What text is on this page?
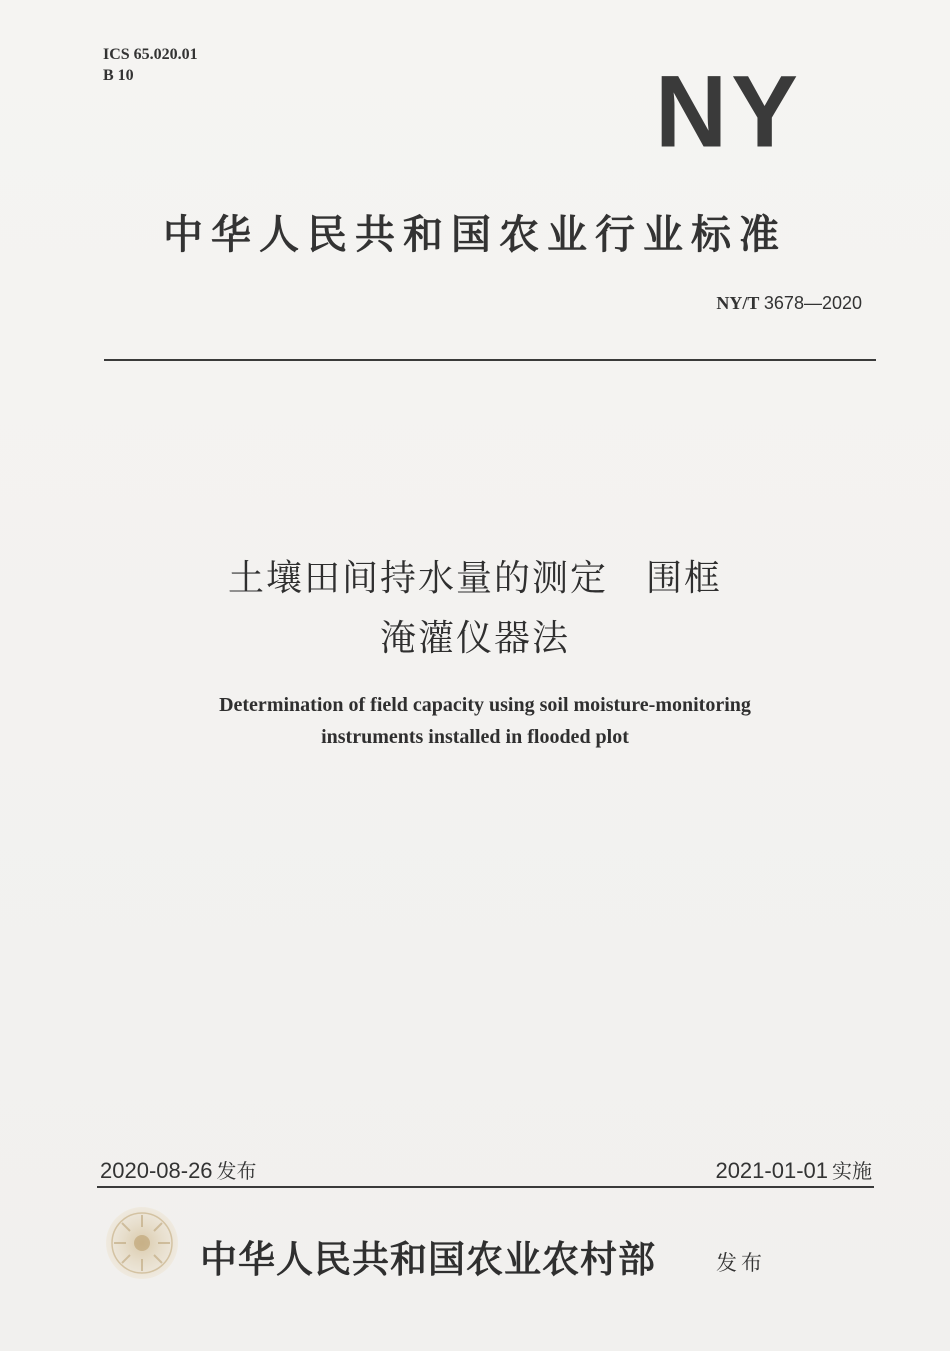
ICS 65.020.01
B 10	NY
中华人民共和国农业行业标准
NY/T 3678—2020
土壤田间持水量的测定　围框
淹灌仪器法
Determination of field capacity using soil moisture-monitoring
instruments installed in flooded plot
2020-08-26 发布	2021-01-01 实施
中华人民共和国农业农村部	发布
